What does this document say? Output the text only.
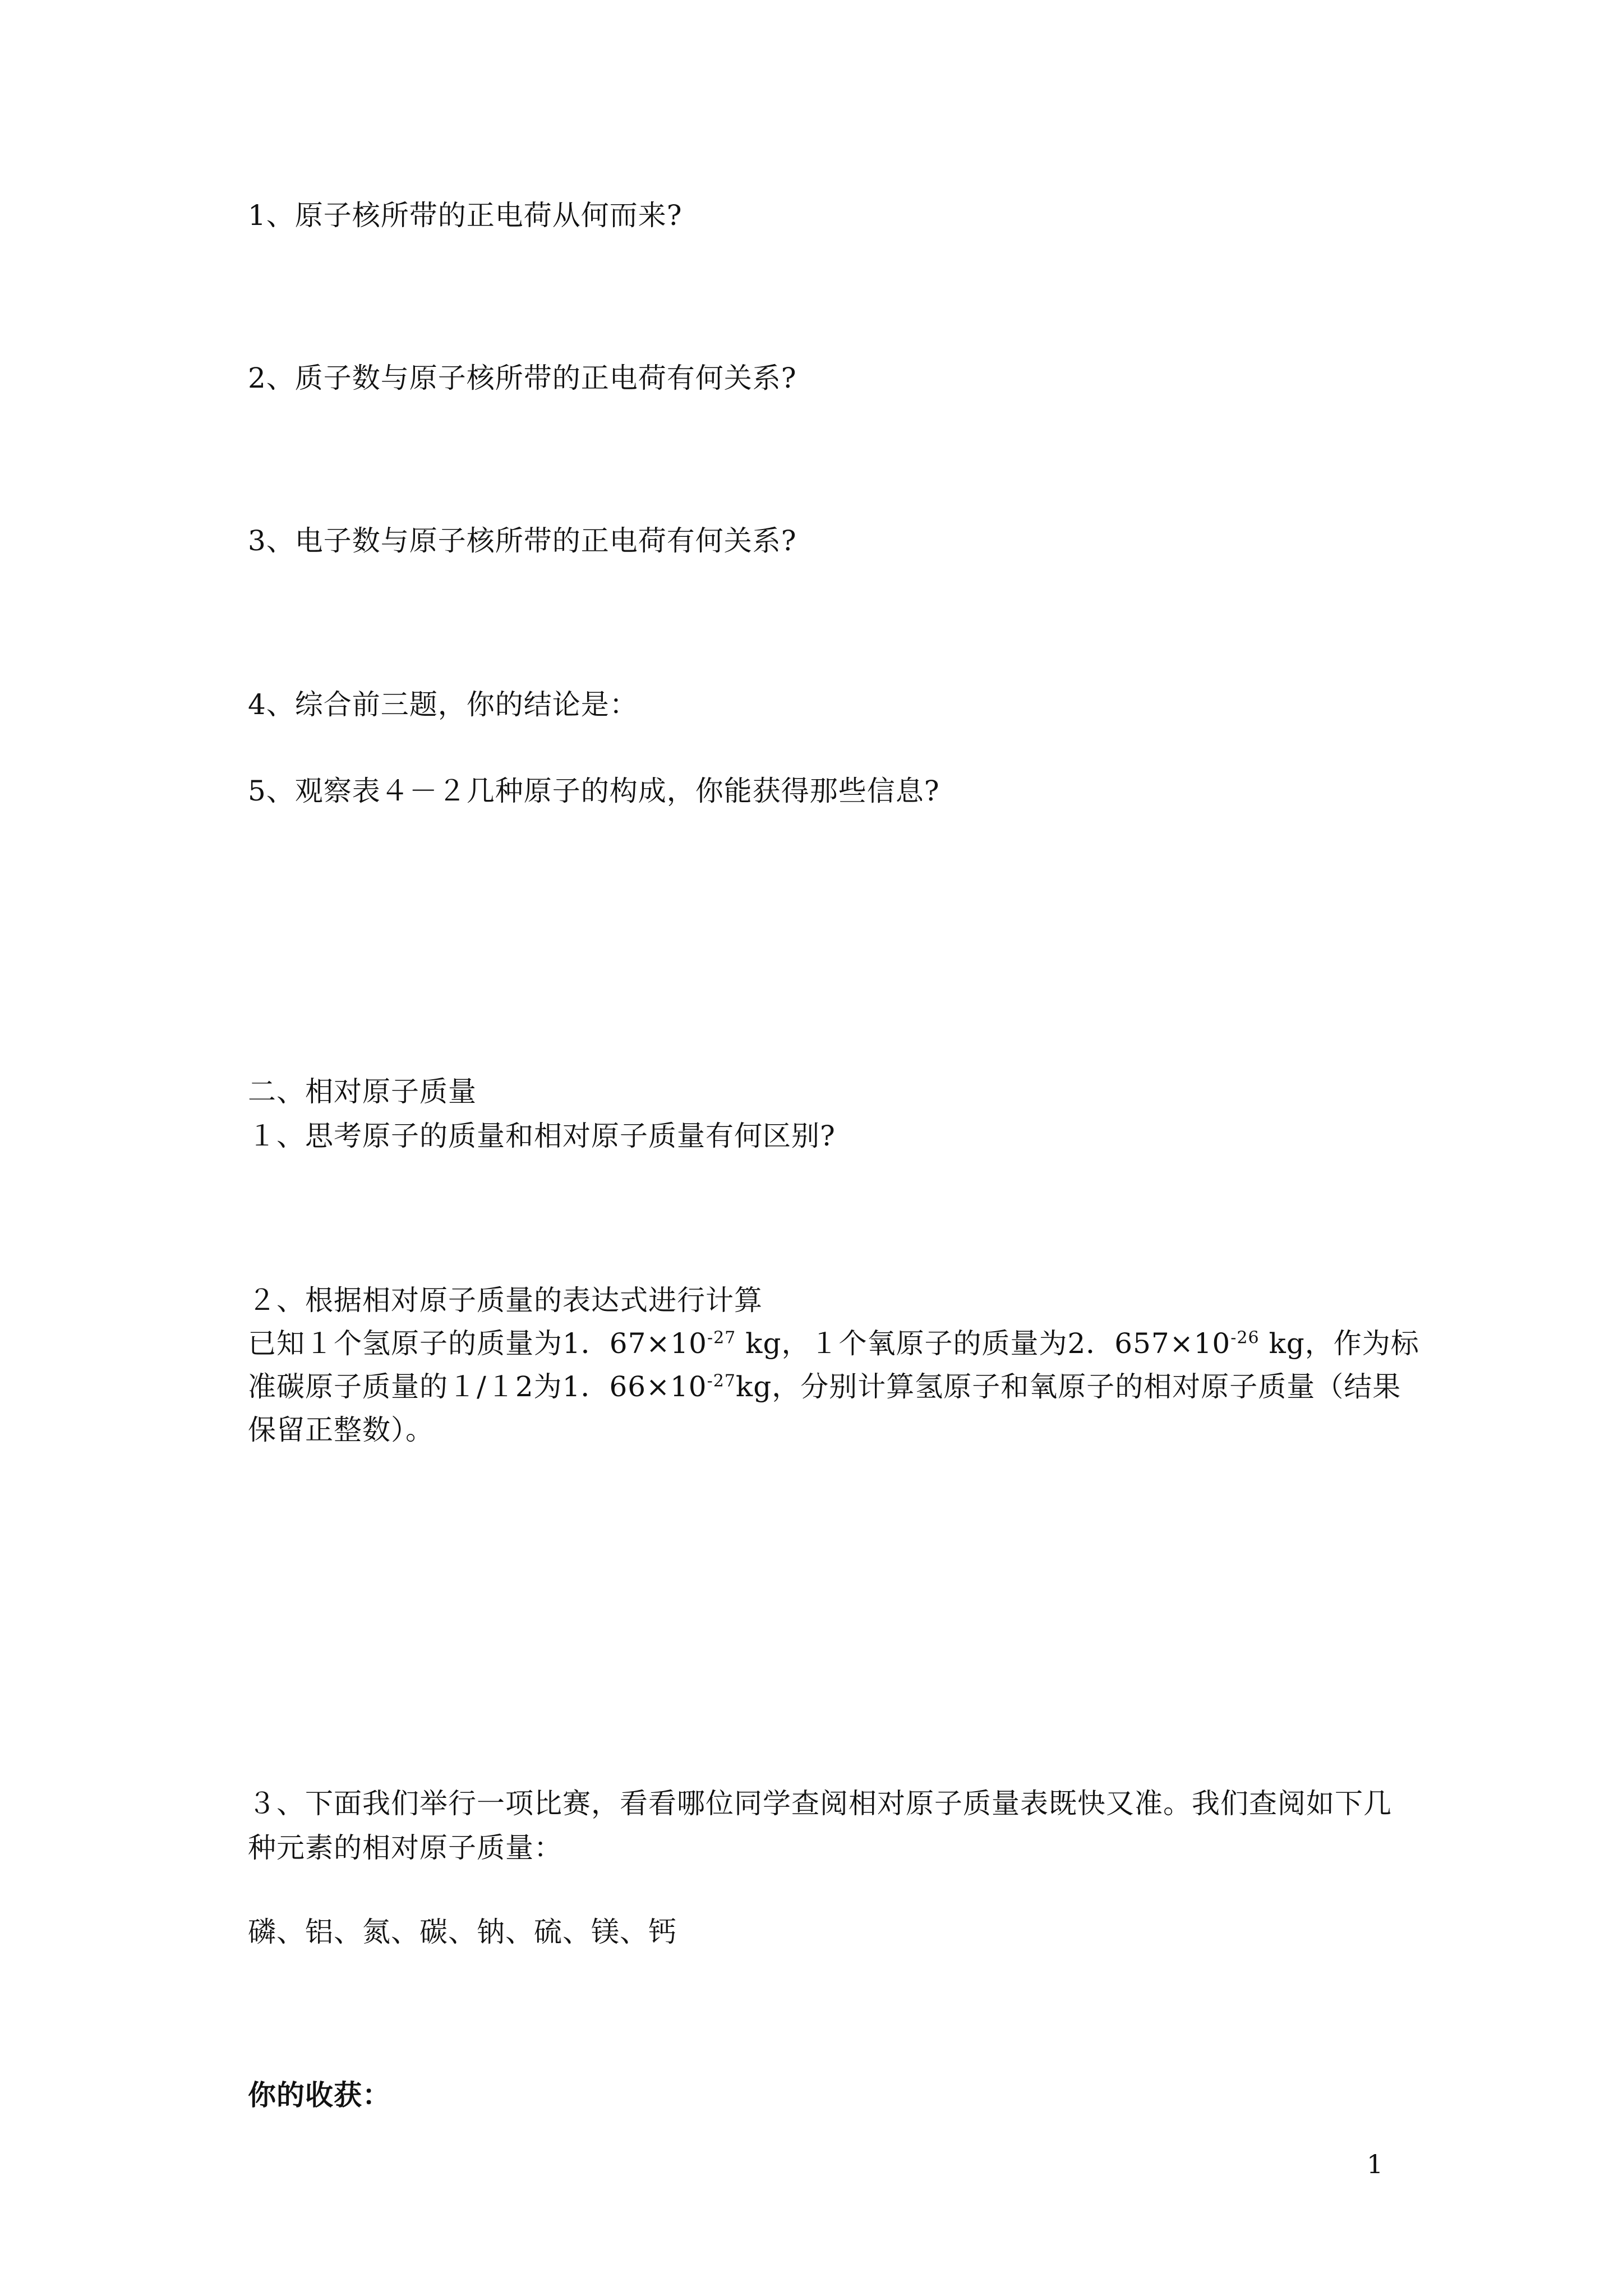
1、原子核所带的正电荷从何而来?
2、质子数与原子核所带的正电荷有何关系?
3、电子数与原子核所带的正电荷有何关系?
4、综合前三题，你的结论是：
5、观察表４－２几种原子的构成，你能获得那些信息?
二、相对原子质量
１、思考原子的质量和相对原子质量有何区别?
２、根据相对原子质量的表达式进行计算
已知１个氢原子的质量为1．$67\times 10^{-27}$ kg，１个氧原子的质量为2．$657\times 10^{-26}$ kg，作为标
准碳原子质量的１/１2为1．$66\times 10^{-27}kg$，分别计算氢原子和氧原子的相对原子质量（结果
保留正整数）。
３、下面我们举行一项比赛，看看哪位同学查阅相对原子质量表既快又准。我们查阅如下几
种元素的相对原子质量：
磷、铝、氮、碳、钠、硫、镁、钙
你的收获：
1
